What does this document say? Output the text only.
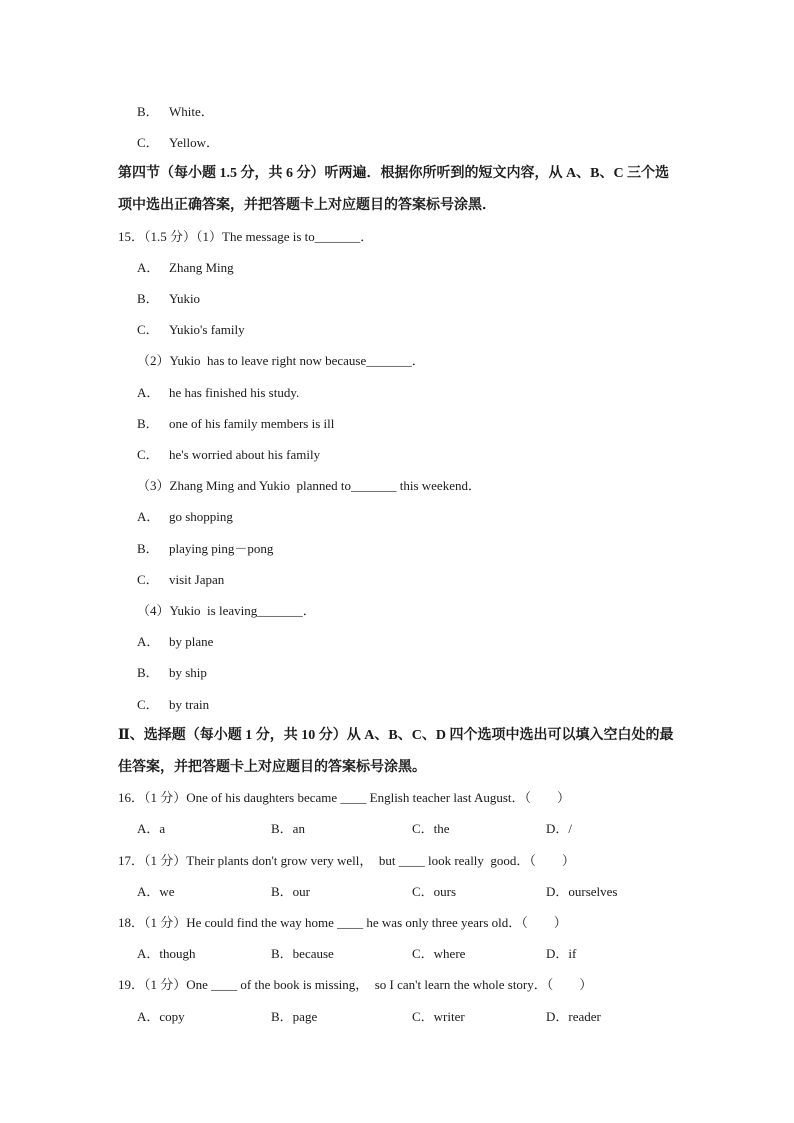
B． White．
C． Yellow．
第四节（每小题 1.5 分，共 6 分）听两遍．根据你所听到的短文内容，从 A、B、C 三个选
项中选出正确答案，并把答题卡上对应题目的答案标号涂黑．
15．（1.5 分）（1）The message is to_______．
A． Zhang Ming
B． Yukio
C． Yukio's family
（2）Yukio  has to leave right now because_______．
A． he has finished his study.
B． one of his family members is ill
C． he's worried about his family
（3）Zhang Ming and Yukio  planned to_______ this weekend．
A． go shopping
B． playing ping－pong
C． visit Japan
（4）Yukio  is leaving_______．
A． by plane
B． by ship
C． by train
Ⅱ、选择题（每小题 1 分，共 10 分）从 A、B、C、D 四个选项中选出可以填入空白处的最
佳答案，并把答题卡上对应题目的答案标号涂黑。
16．（1 分）One of his daughters became ____ English teacher last August．（　　）
A．a	B．an	C．the	D．/
17．（1 分）Their plants don't grow very well，  but ____ look really  good．（　　）
A．we	B．our	C．ours	D．ourselves
18．（1 分）He could find the way home ____ he was only three years old．（　　）
A．though	B．because	C．where	D．if
19．（1 分）One ____ of the book is missing，  so I can't learn the whole story．（　　）
A．copy	B．page	C．writer	D．reader
